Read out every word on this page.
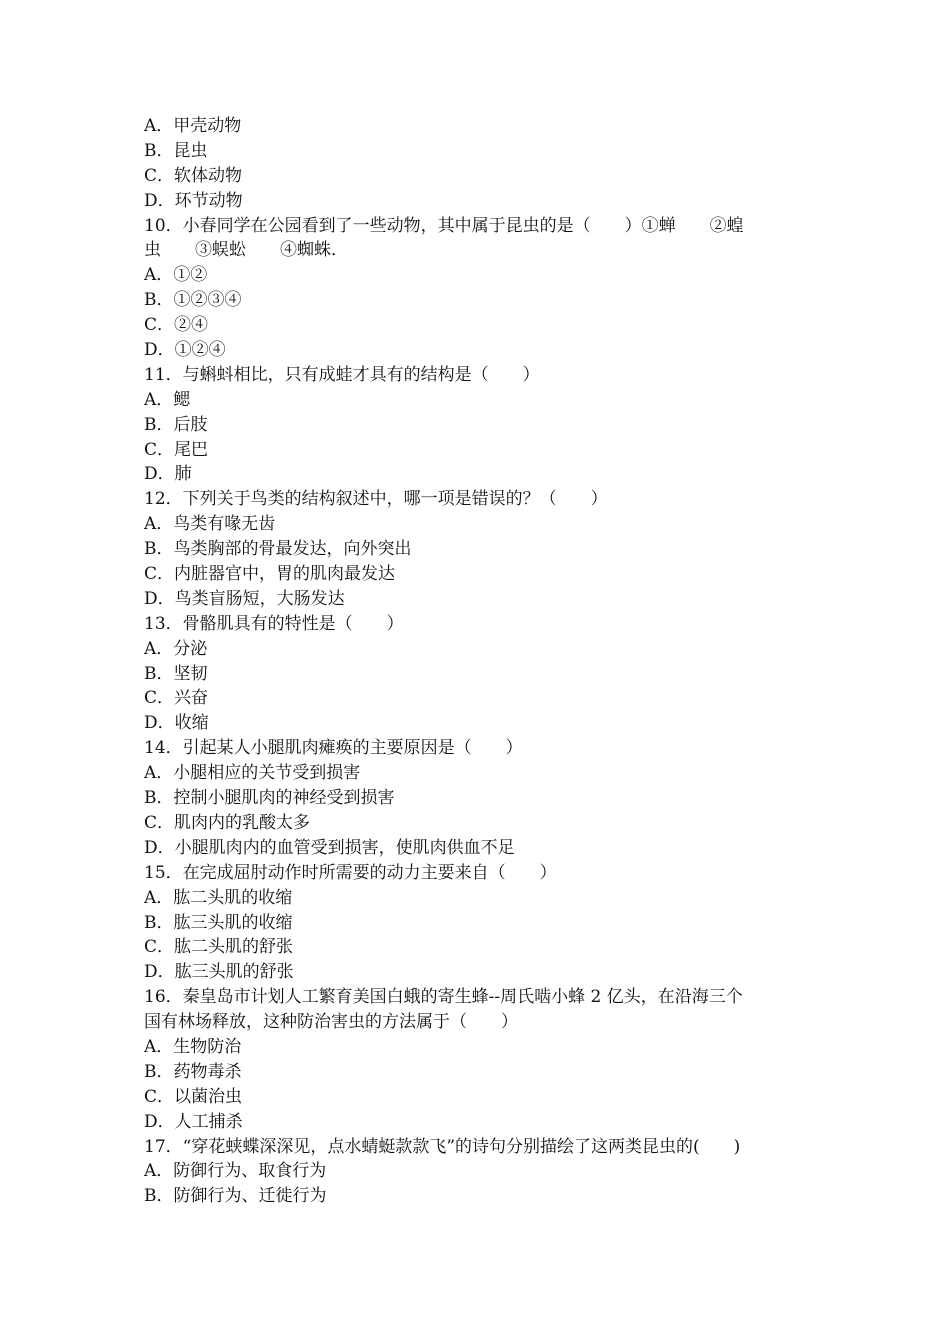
A．甲壳动物
B．昆虫
C．软体动物
D．环节动物
10．小春同学在公园看到了一些动物，其中属于昆虫的是（　　）①蝉　　②蝗
虫　　③蜈蚣　　④蜘蛛．
A．①②
B．①②③④
C．②④
D．①②④
11．与蝌蚪相比，只有成蛙才具有的结构是（　　）
A．鳃
B．后肢
C．尾巴
D．肺
12．下列关于鸟类的结构叙述中，哪一项是错误的？（　　）
A．鸟类有喙无齿
B．鸟类胸部的骨最发达，向外突出
C．内脏器官中，胃的肌肉最发达
D．鸟类盲肠短，大肠发达
13．骨骼肌具有的特性是（　　）
A．分泌
B．坚韧
C．兴奋
D．收缩
14．引起某人小腿肌肉瘫痪的主要原因是（　　）
A．小腿相应的关节受到损害
B．控制小腿肌肉的神经受到损害
C．肌肉内的乳酸太多
D．小腿肌肉内的血管受到损害，使肌肉供血不足
15．在完成屈肘动作时所需要的动力主要来自（　　）
A．肱二头肌的收缩
B．肱三头肌的收缩
C．肱二头肌的舒张
D．肱三头肌的舒张
16．秦皇岛市计划人工繁育美国白蛾的寄生蜂--周氏啮小蜂 2 亿头，在沿海三个
国有林场释放，这种防治害虫的方法属于（　　）
A．生物防治
B．药物毒杀
C．以菌治虫
D．人工捕杀
17．“穿花蛱蝶深深见，点水蜻蜓款款飞”的诗句分别描绘了这两类昆虫的(　　)
A．防御行为、取食行为
B．防御行为、迁徙行为
